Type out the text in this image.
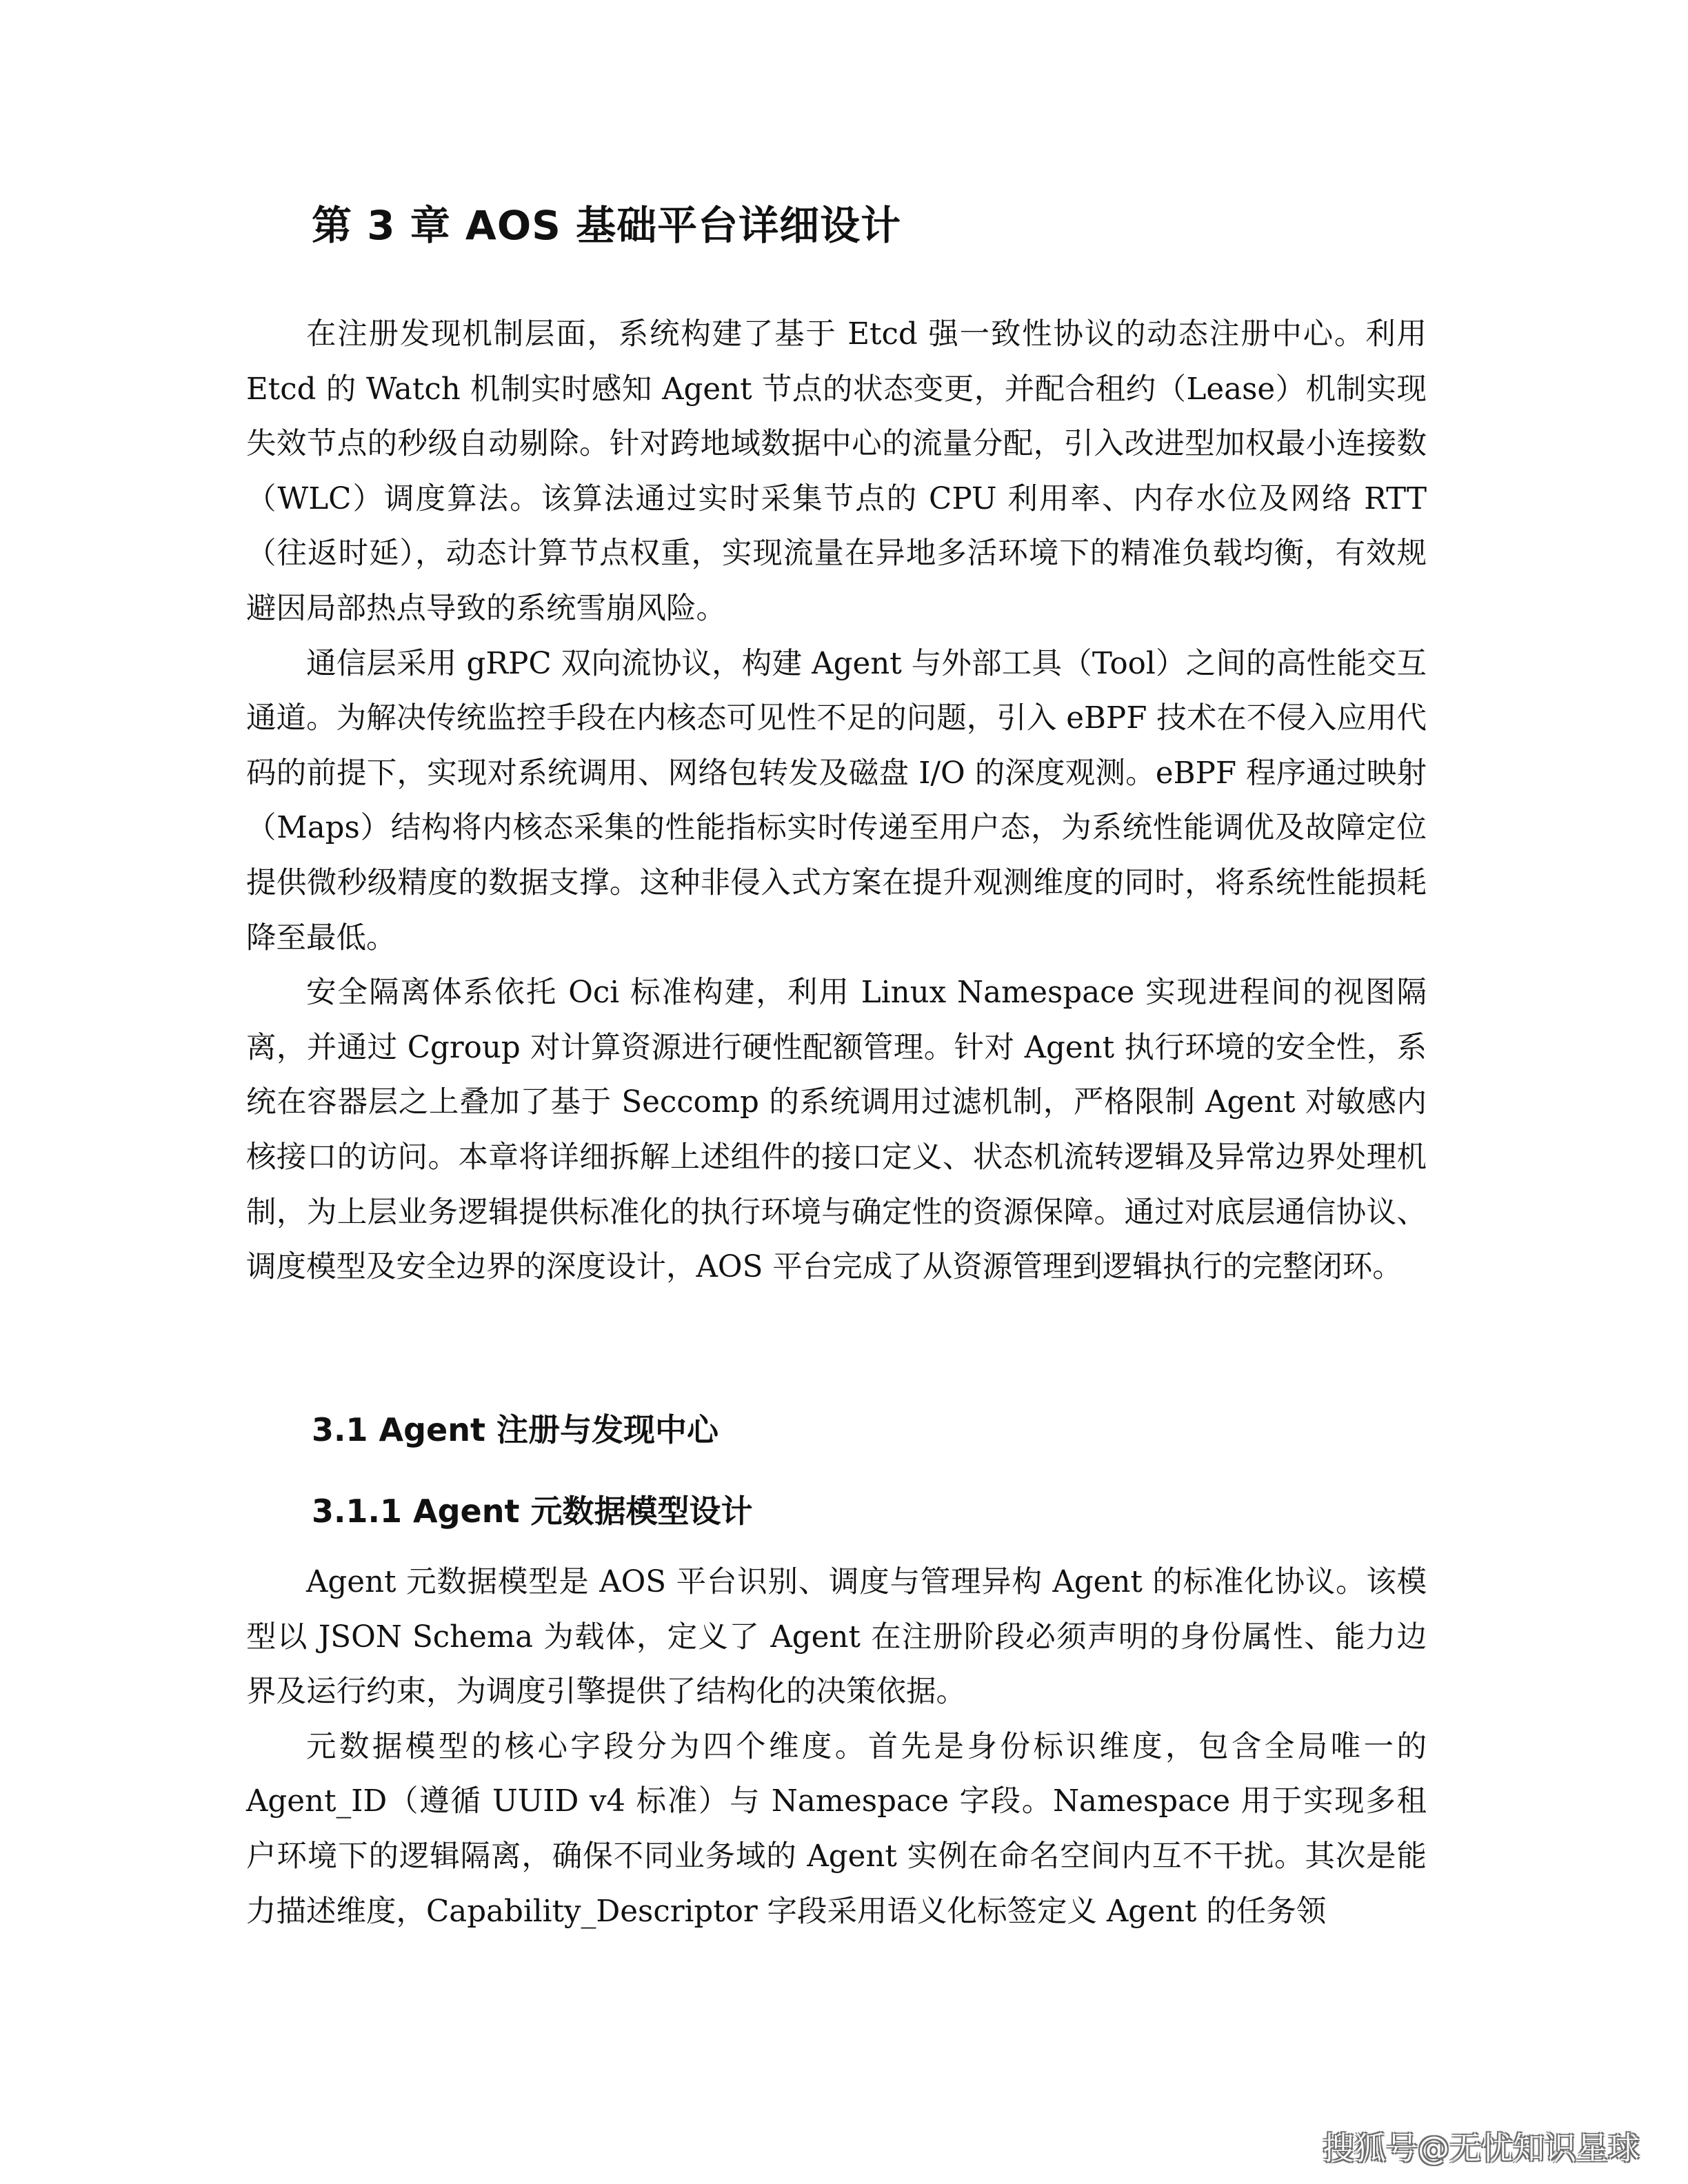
第 3 章 AOS 基础平台详细设计

在注册发现机制层面，系统构建了基于 Etcd 强一致性协议的动态注册中心。利用 Etcd 的 Watch 机制实时感知 Agent 节点的状态变更，并配合租约（Lease）机制实现失效节点的秒级自动剔除。针对跨地域数据中心的流量分配，引入改进型加权最小连接数（WLC）调度算法。该算法通过实时采集节点的 CPU 利用率、内存水位及网络 RTT（往返时延），动态计算节点权重，实现流量在异地多活环境下的精准负载均衡，有效规避因局部热点导致的系统雪崩风险。

通信层采用 gRPC 双向流协议，构建 Agent 与外部工具（Tool）之间的高性能交互通道。为解决传统监控手段在内核态可见性不足的问题，引入 eBPF 技术在不侵入应用代码的前提下，实现对系统调用、网络包转发及磁盘 I/O 的深度观测。eBPF 程序通过映射（Maps）结构将内核态采集的性能指标实时传递至用户态，为系统性能调优及故障定位提供微秒级精度的数据支撑。这种非侵入式方案在提升观测维度的同时，将系统性能损耗降至最低。

安全隔离体系依托 Oci 标准构建，利用 Linux Namespace 实现进程间的视图隔离，并通过 Cgroup 对计算资源进行硬性配额管理。针对 Agent 执行环境的安全性，系统在容器层之上叠加了基于 Seccomp 的系统调用过滤机制，严格限制 Agent 对敏感内核接口的访问。本章将详细拆解上述组件的接口定义、状态机流转逻辑及异常边界处理机制，为上层业务逻辑提供标准化的执行环境与确定性的资源保障。通过对底层通信协议、调度模型及安全边界的深度设计，AOS 平台完成了从资源管理到逻辑执行的完整闭环。

3.1 Agent 注册与发现中心
3.1.1 Agent 元数据模型设计

Agent 元数据模型是 AOS 平台识别、调度与管理异构 Agent 的标准化协议。该模型以 JSON Schema 为载体，定义了 Agent 在注册阶段必须声明的身份属性、能力边界及运行约束，为调度引擎提供了结构化的决策依据。

元数据模型的核心字段分为四个维度。首先是身份标识维度，包含全局唯一的 Agent_ID（遵循 UUID v4 标准）与 Namespace 字段。Namespace 用于实现多租户环境下的逻辑隔离，确保不同业务域的 Agent 实例在命名空间内互不干扰。其次是能力描述维度，Capability_Descriptor 字段采用语义化标签定义 Agent 的任务领

搜狐号@无忧知识星球
